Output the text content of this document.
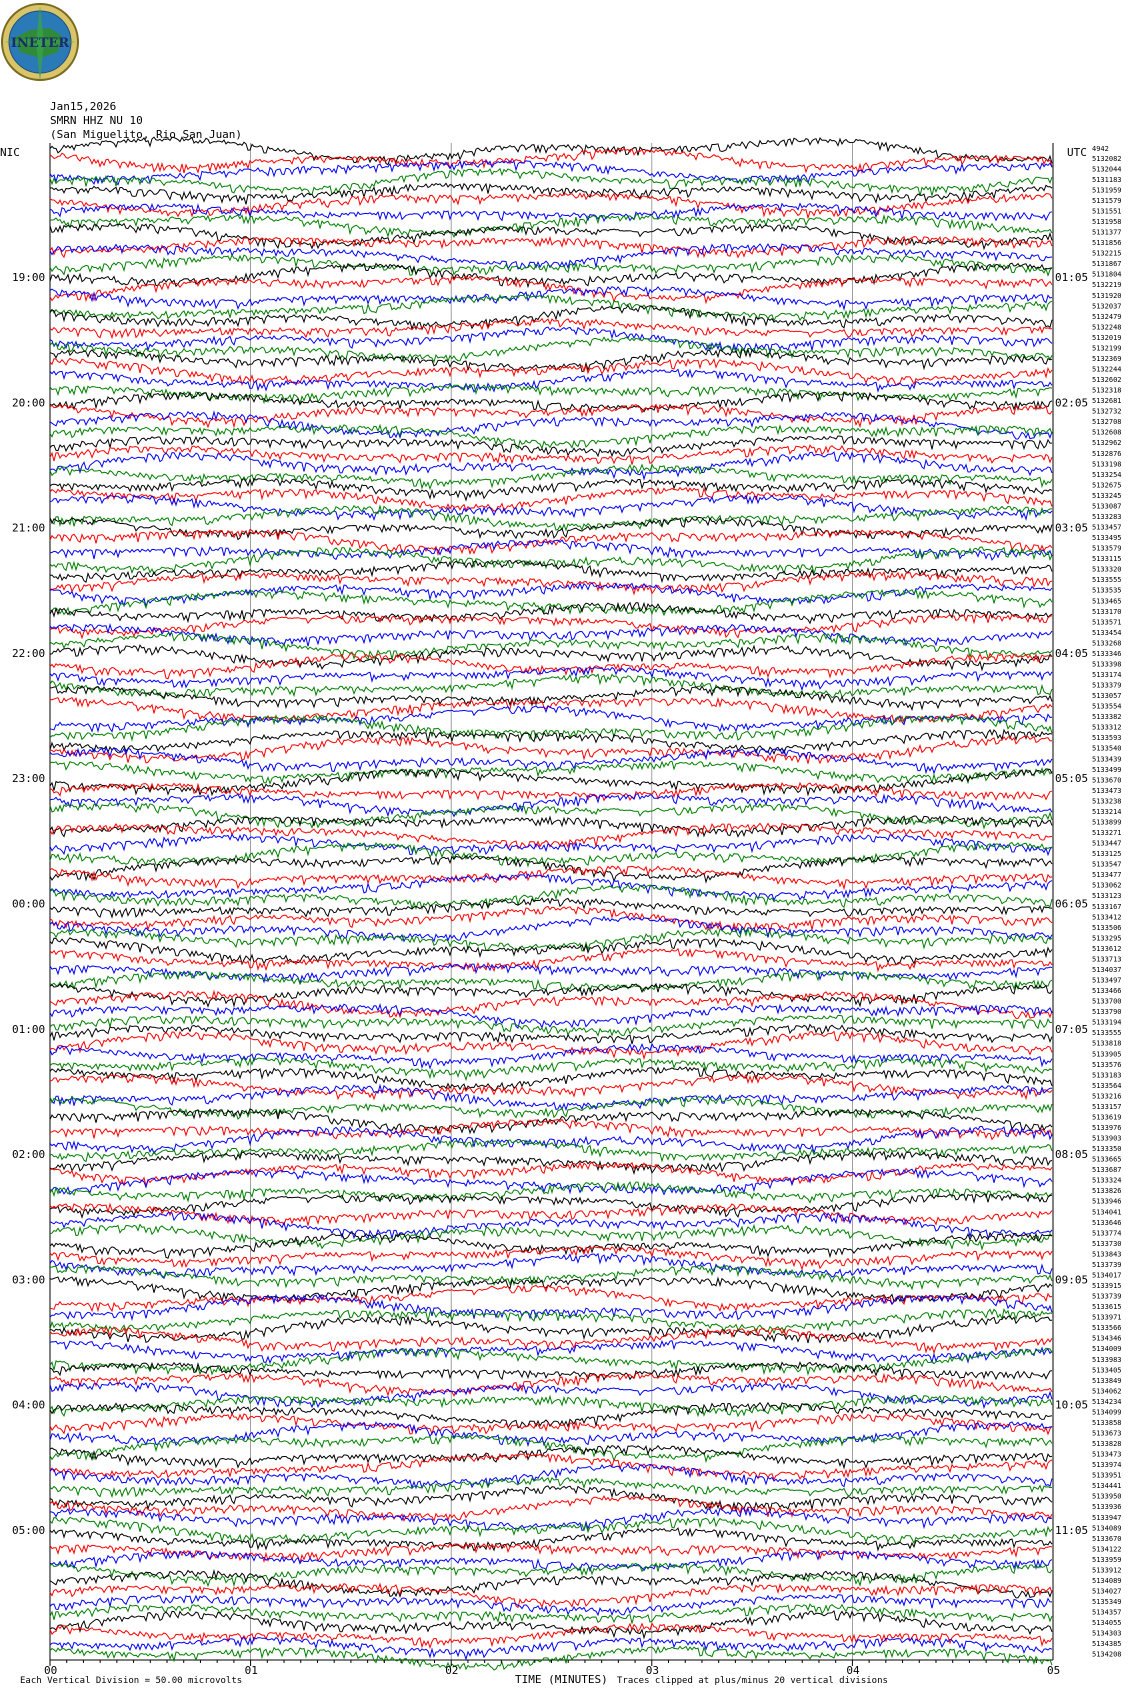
INETER
Jan15,2026
SMRN HHZ NU 10
(San Miguelito, Rio San Juan)
00	01	02	03	04	05
19:00
20:00
21:00
22:00
23:00
00:00
01:00
02:00
03:00
04:00
05:00
01:05
02:05
03:05
04:05
05:05
06:05
07:05
08:05
09:05
10:05
11:05
5132082
5132044
5131183
5131959
5131579
5131551
5131958
5131377
5131856
5132215
5131867
5131804
5132219
5131920
5132037
5132479
5132248
5132019
5132199
5132369
5132244
5132602
5132318
5132681
5132732
5132708
5132608
5132962
5132876
5133198
5133254
5132675
5133245
5133087
5133283
5133457
5133495
5133579
5133115
5133320
5133555
5133535
5133465
5133170
5133571
5133454
5133268
5133346
5133398
5133174
5133379
5133057
5133554
5133382
5133312
5133593
5133540
5133439
5133499
5133670
5133473
5133238
5133214
5133899
5133271
5133447
5133125
5133547
5133477
5133062
5133123
5133167
5133412
5133506
5133295
5133612
5133713
5134037
5133497
5133466
5133700
5133790
5133194
5133555
5133818
5133905
5133576
5133183
5133564
5133216
5133157
5133619
5133976
5133903
5133350
5133665
5133687
5133324
5133826
5133946
5134041
5133646
5133774
5133730
5133843
5133739
5134017
5133915
5133739
5133615
5133971
5133566
5134346
5134009
5133983
5133405
5133849
5134062
5134234
5134099
5133858
5133673
5133828
5133473
5133974
5133951
5134441
5133950
5133936
5133947
5134089
5133670
5134122
5133959
5133912
5134089
5134027
5135349
5134357
5134055
5134303
5134385
5134208
NIC	UTC
TIME (MINUTES)
Each Vertical Division = 50.00 microvolts	Traces clipped at plus/minus 20 vertical divisions
4942
